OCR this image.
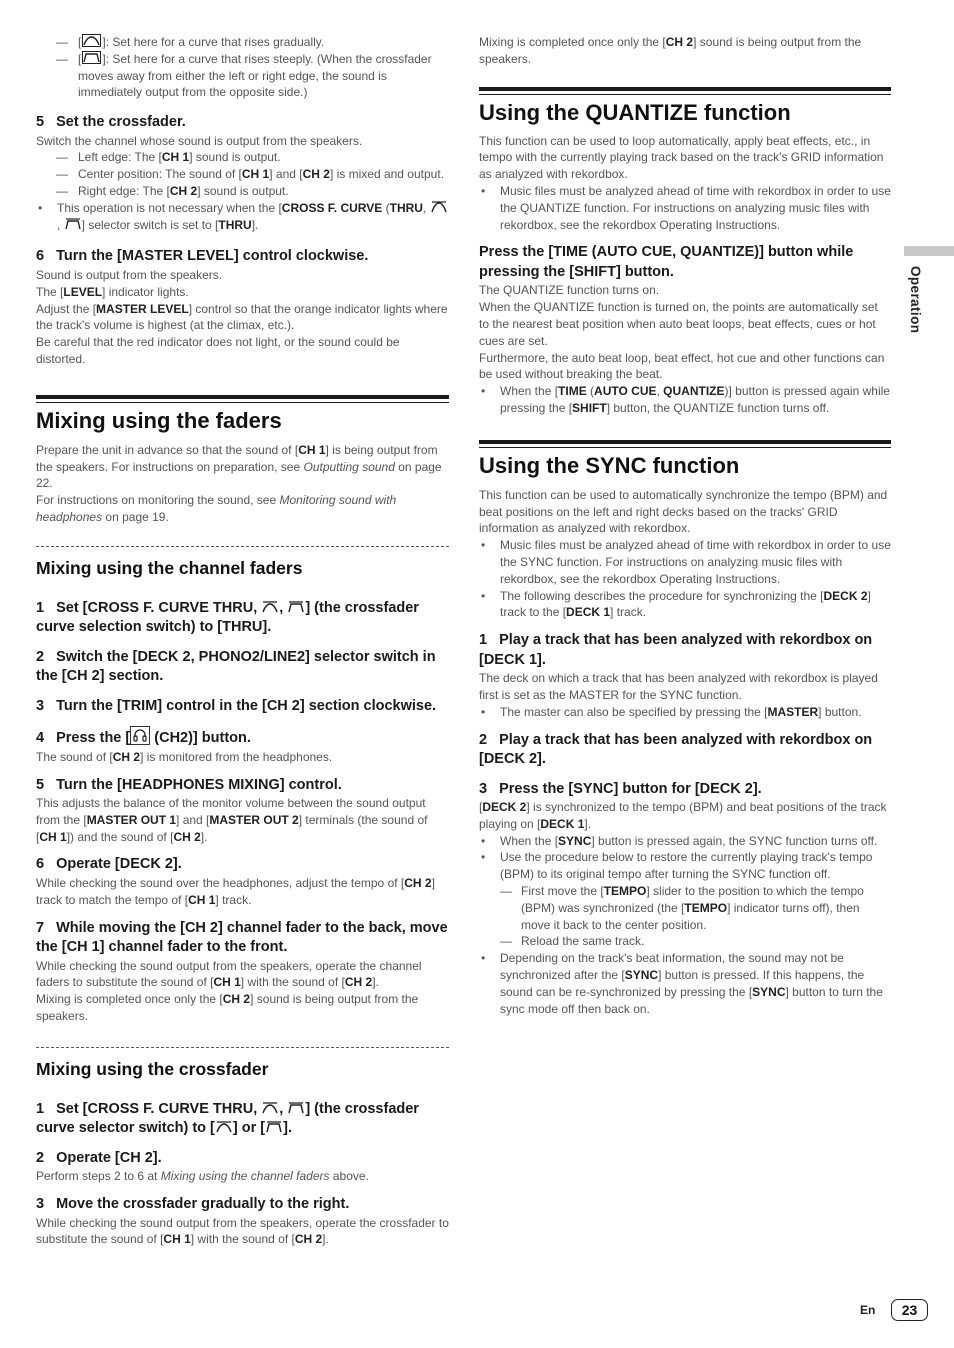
Operation
— [ ]: Set here for a curve that rises gradually.
— [ ]: Set here for a curve that rises steeply. (When the crossfader moves away from either the left or right edge, the sound is immediately output from the opposite side.)

5 Set the crossfader.

Switch the channel whose sound is output from the speakers.

— Left edge: The [CH 1] sound is output.
— Center position: The sound of [CH 1] and [CH 2] is mixed and output.
— Right edge: The [CH 2] sound is output.
• This operation is not necessary when the [CROSS F. CURVE (THRU, , ] selector switch is set to [THRU].

6 Turn the [MASTER LEVEL] control clockwise.

Sound is output from the speakers.

The [LEVEL] indicator lights.

Adjust the [MASTER LEVEL] control so that the orange indicator lights where the track's volume is highest (at the climax, etc.).

Be careful that the red indicator does not light, or the sound could be distorted.

Mixing using the faders

Prepare the unit in advance so that the sound of [CH 1] is being output from the speakers. For instructions on preparation, see Outputting sound on page 22.

For instructions on monitoring the sound, see Monitoring sound with headphones on page 19.

Mixing using the channel faders

1 Set [CROSS F. CURVE THRU, , ] (the crossfader curve selection switch) to [THRU].

2 Switch the [DECK 2, PHONO2/LINE2] selector switch in the [CH 2] section.

3 Turn the [TRIM] control in the [CH 2] section clockwise.

4 Press the [
(CH2)] button.

The sound of [CH 2] is monitored from the headphones.

5 Turn the [HEADPHONES MIXING] control.

This adjusts the balance of the monitor volume between the sound output from the [MASTER OUT 1] and [MASTER OUT 2] terminals (the sound of [CH 1]) and the sound of [CH 2].

6 Operate [DECK 2].

While checking the sound over the headphones, adjust the tempo of [CH 2] track to match the tempo of [CH 1] track.

7 While moving the [CH 2] channel fader to the back, move the [CH 1] channel fader to the front.

While checking the sound output from the speakers, operate the channel faders to substitute the sound of [CH 1] with the sound of [CH 2].

Mixing is completed once only the [CH 2] sound is being output from the speakers.

Mixing using the crossfader

1 Set [CROSS F. CURVE THRU, , ] (the crossfader curve selector switch) to [ ] or [ ].

2 Operate [CH 2].

Perform steps 2 to 6 at Mixing using the channel faders above.

3 Move the crossfader gradually to the right.

While checking the sound output from the speakers, operate the crossfader to substitute the sound of [CH 1] with the sound of [CH 2].

Mixing is completed once only the [CH 2] sound is being output from the speakers.

Using the QUANTIZE function

This function can be used to loop automatically, apply beat effects, etc., in tempo with the currently playing track based on the track's GRID information as analyzed with rekordbox.

• Music files must be analyzed ahead of time with rekordbox in order to use the QUANTIZE function. For instructions on analyzing music files with rekordbox, see the rekordbox Operating Instructions.

Press the [TIME (AUTO CUE, QUANTIZE)] button while pressing the [SHIFT] button.

The QUANTIZE function turns on.

When the QUANTIZE function is turned on, the points are automatically set to the nearest beat position when auto beat loops, beat effects, cues or hot cues are set.

Furthermore, the auto beat loop, beat effect, hot cue and other functions can be used without breaking the beat.

• When the [TIME (AUTO CUE, QUANTIZE)] button is pressed again while pressing the [SHIFT] button, the QUANTIZE function turns off.
Using the SYNC function

This function can be used to automatically synchronize the tempo (BPM) and beat positions on the left and right decks based on the tracks' GRID information as analyzed with rekordbox.

• Music files must be analyzed ahead of time with rekordbox in order to use the SYNC function. For instructions on analyzing music files with rekordbox, see the rekordbox Operating Instructions.
• The following describes the procedure for synchronizing the [DECK 2] track to the [DECK 1] track.

1 Play a track that has been analyzed with rekordbox on [DECK 1].

The deck on which a track that has been analyzed with rekordbox is played first is set as the MASTER for the SYNC function.

• The master can also be specified by pressing the [MASTER] button.

2 Play a track that has been analyzed with rekordbox on [DECK 2].

3 Press the [SYNC] button for [DECK 2].

[DECK 2] is synchronized to the tempo (BPM) and beat positions of the track playing on [DECK 1].

• When the [SYNC] button is pressed again, the SYNC function turns off.
• Use the procedure below to restore the currently playing track's tempo (BPM) to its original tempo after turning the SYNC function off.
— First move the [TEMPO] slider to the position to which the tempo (BPM) was synchronized (the [TEMPO] indicator turns off), then move it back to the center position.
— Reload the same track.
• Depending on the track's beat information, the sound may not be synchronized after the [SYNC] button is pressed. If this happens, the sound can be re-synchronized by pressing the [SYNC] button to turn the sync mode off then back on.
En	23
